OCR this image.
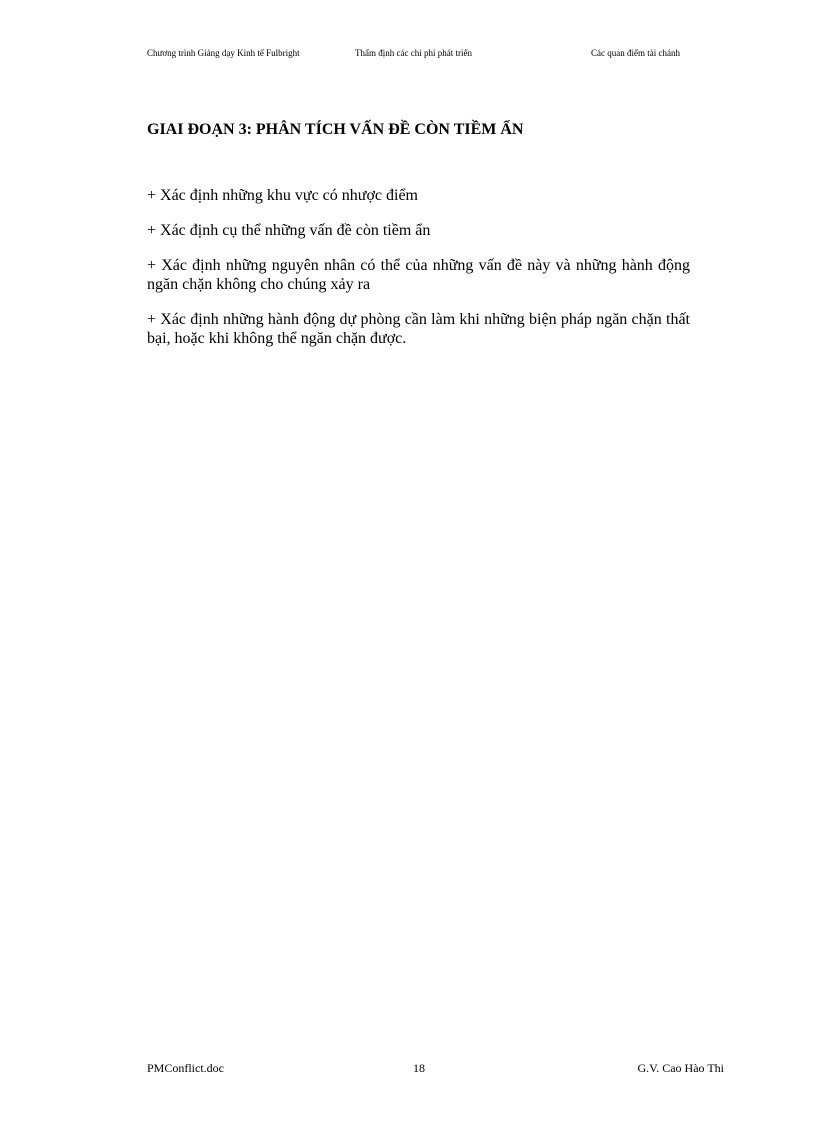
Chương trình Giảng dạy Kinh tế Fulbright	Thẩm định các chi phí phát triển	Các quan điểm tài chánh
GIAI ĐOẠN 3: PHÂN TÍCH VẤN ĐỀ CÒN TIỀM ẨN

+ Xác định những khu vực có nhược điểm

+ Xác định cụ thể những vấn đề còn tiềm ẩn

+ Xác định những nguyên nhân có thể của những vấn đề này và những hành động ngăn chặn không cho chúng xảy ra

+ Xác định những hành động dự phòng cần làm khi những biện pháp ngăn chặn thất bại, hoặc khi không thể ngăn chặn được.

PMConflict.doc	18	G.V. Cao Hào Thi
